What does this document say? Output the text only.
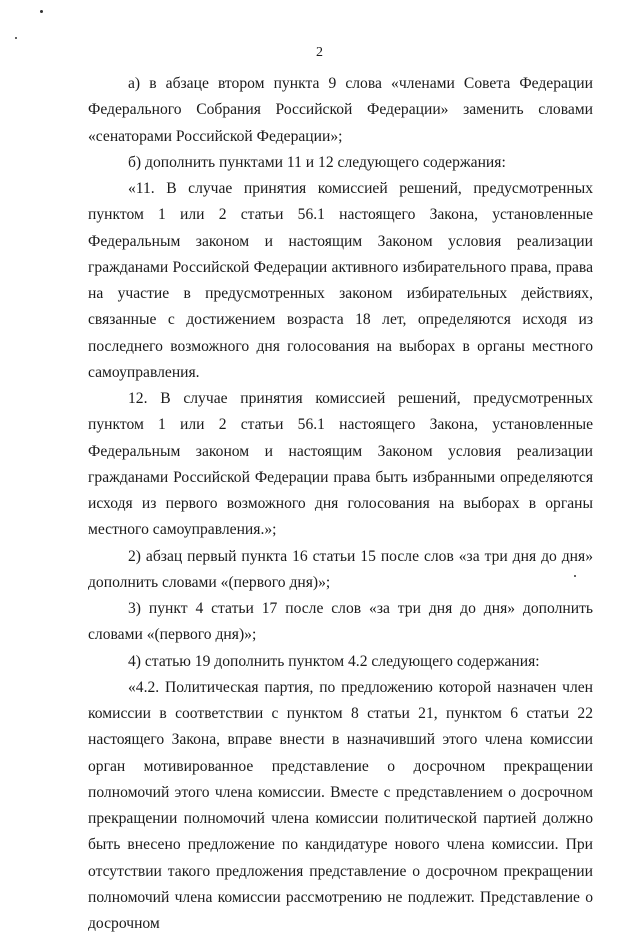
2

а) в абзаце втором пункта 9 слова «членами Совета Федерации Федерального Собрания Российской Федерации» заменить словами «сенаторами Российской Федерации»;

б) дополнить пунктами 11 и 12 следующего содержания:

«11. В случае принятия комиссией решений, предусмотренных пунктом 1 или 2 статьи 56.1 настоящего Закона, установленные Федеральным законом и настоящим Законом условия реализации гражданами Российской Федерации активного избирательного права, права на участие в предусмотренных законом избирательных действиях, связанные с достижением возраста 18 лет, определяются исходя из последнего возможного дня голосования на выборах в органы местного самоуправления.

12. В случае принятия комиссией решений, предусмотренных пунктом 1 или 2 статьи 56.1 настоящего Закона, установленные Федеральным законом и настоящим Законом условия реализации гражданами Российской Федерации права быть избранными определяются исходя из первого возможного дня голосования на выборах в органы местного самоуправления.»;

2) абзац первый пункта 16 статьи 15 после слов «за три дня до дня» дополнить словами «(первого дня)»;

3) пункт 4 статьи 17 после слов «за три дня до дня» дополнить словами «(первого дня)»;

4) статью 19 дополнить пунктом 4.2 следующего содержания:

«4.2. Политическая партия, по предложению которой назначен член комиссии в соответствии с пунктом 8 статьи 21, пунктом 6 статьи 22 настоящего Закона, вправе внести в назначивший этого члена комиссии орган мотивированное представление о досрочном прекращении полномочий этого члена комиссии. Вместе с представлением о досрочном прекращении полномочий члена комиссии политической партией должно быть внесено предложение по кандидатуре нового члена комиссии. При отсутствии такого предложения представление о досрочном прекращении полномочий члена комиссии рассмотрению не подлежит. Представление о досрочном
